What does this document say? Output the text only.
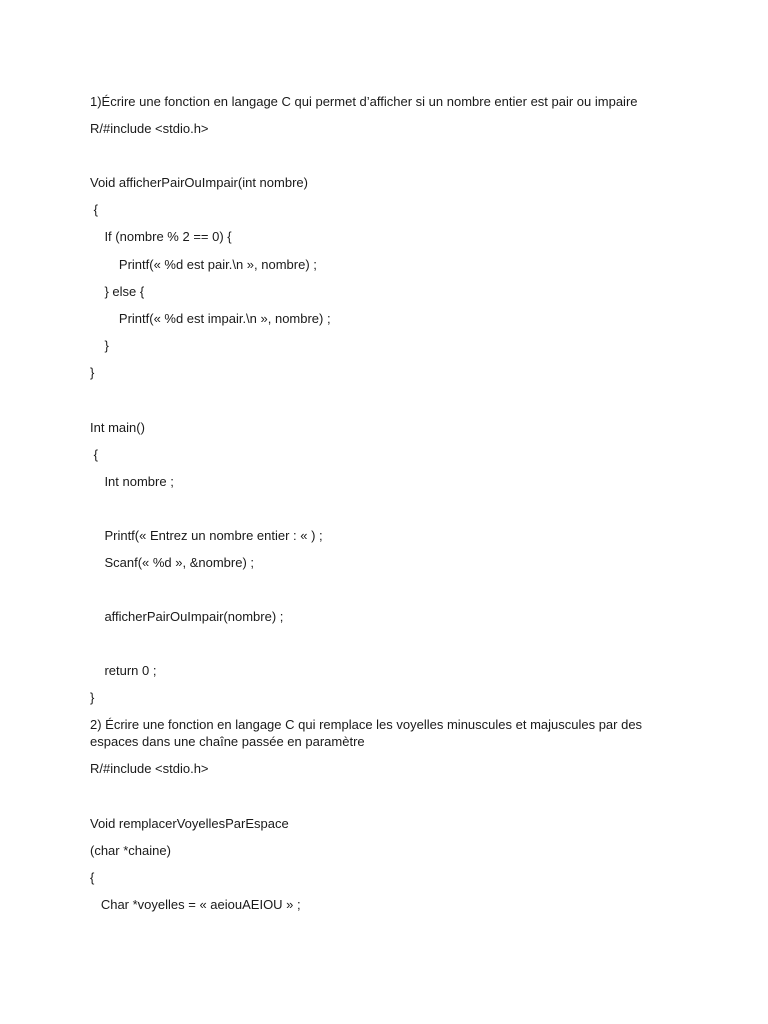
1)Écrire une fonction en langage C qui permet d’afficher si un nombre entier est pair ou impaire
R/#include <stdio.h>
Void afficherPairOuImpair(int nombre)
{
If (nombre % 2 == 0) {
Printf(« %d est pair.\n », nombre) ;
} else {
Printf(« %d est impair.\n », nombre) ;
}
}
Int main()
{
Int nombre ;
Printf(« Entrez un nombre entier : « ) ;
Scanf(« %d », &nombre) ;
afficherPairOuImpair(nombre) ;
return 0 ;
}
2) Écrire une fonction en langage C qui remplace les voyelles minuscules et majuscules par des espaces dans une chaîne passée en paramètre
R/#include <stdio.h>
Void remplacerVoyellesParEspace
(char *chaine)
{
Char *voyelles = « aeiouAEIOU » ;
